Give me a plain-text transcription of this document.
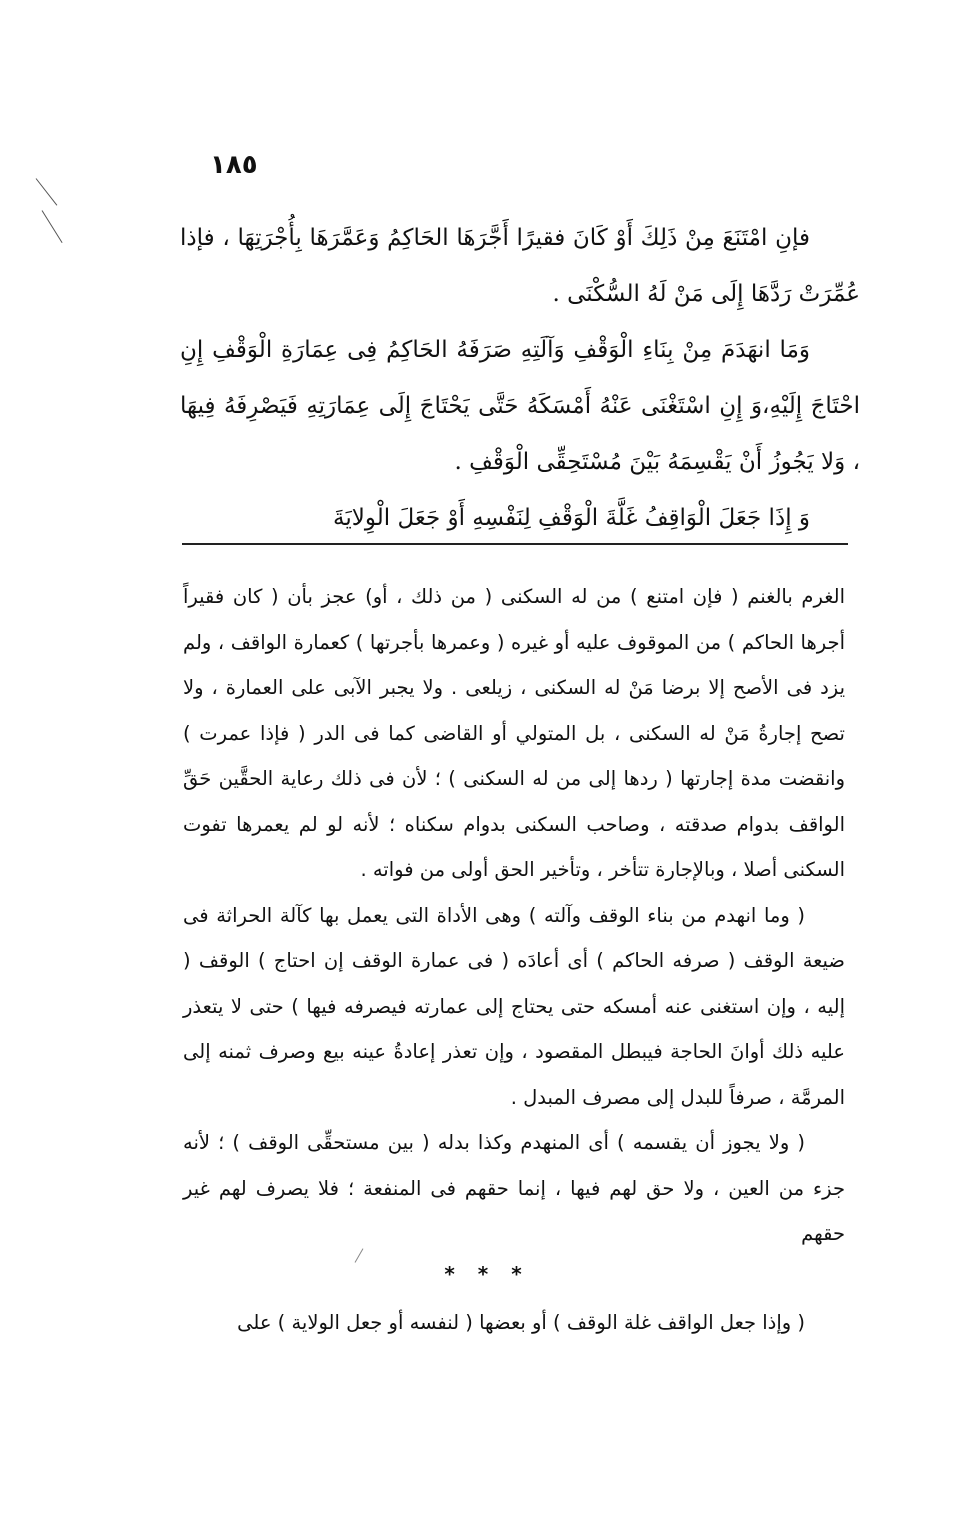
١٨٥

فإنِ امْتَنَعَ مِنْ ذَلِكَ أَوْ كَانَ فقيرًا أَجَّرَهَا الحَاكِمُ وَعَمَّرَهَا بِأُجْرَتِهَا ، فإذا عُمِّرَتْ رَدَّهَا إِلَى مَنْ لَهُ السُّكْنَى .

وَمَا انهَدَمَ مِنْ بِنَاءِ الْوَقْفِ وَآلَتِهِ صَرَفَهُ الحَاكِمُ فِى عِمَارَةِ الْوَقْفِ إِنِ احْتَاجَ إِلَيْهِ،وَ إِنِ اسْتَغْنَى عَنْهُ أَمْسَكَهُ حَتَّى يَحْتَاجَ إِلَى عِمَارَتِهِ فَيَصْرِفَهُ فِيهَا ، وَلا يَجُوزُ أَنْ يَقْسِمَهُ بَيْنَ مُسْتَحِقِّى الْوَقْفِ .

وَ إِذَا جَعَلَ الْوَاقِفُ غَلَّةَ الْوَقْفِ لِنَفْسِهِ أَوْ جَعَلَ الْوِلايَةَ

الغرم بالغنم ( فإن امتنع ) من له السكنى ( من ذلك ، أو) عجز بأن ( كان فقيراً أجرها الحاكم ) من الموقوف عليه أو غيره ( وعمرها بأجرتها ) كعمارة الواقف ، ولم يزد فى الأصح إلا برضا مَنْ له السكنى ، زيلعى . ولا يجبر الآبى على العمارة ، ولا تصح إجارةُ مَنْ له السكنى ، بل المتولي أو القاضى كما فى الدر ( فإذا عمرت ) وانقضت مدة إجارتها ( ردها إلى من له السكنى ) ؛ لأن فى ذلك رعاية الحقَّين حَقِّ الواقف بدوام صدقته ، وصاحب السكنى بدوام سكناه ؛ لأنه لو لم يعمرها تفوت السكنى أصلا ، وبالإجارة تتأخر ، وتأخير الحق أولى من فواته .

( وما انهدم من بناء الوقف وآلته ) وهى الأداة التى يعمل بها كآلة الحراثة فى ضيعة الوقف ( صرفه الحاكم ) أى أعادَه ( فى عمارة الوقف إن احتاج ) الوقف ( إليه ، وإن استغنى عنه أمسكه حتى يحتاج إلى عمارته فيصرفه فيها ) حتى لا يتعذر عليه ذلك أوانَ الحاجة فيبطل المقصود ، وإن تعذر إعادةُ عينه بيع وصرف ثمنه إلى المرمَّة ، صرفاً للبدل إلى مصرف المبدل .

( ولا يجوز أن يقسمه ) أى المنهدم وكذا بدله ( بين مستحقِّى الوقف ) ؛ لأنه جزء من العين ، ولا حق لهم فيها ، إنما حقهم فى المنفعة ؛ فلا يصرف لهم غير حقهم

* * *

( وإذا جعل الواقف غلة الوقف ) أو بعضها ( لنفسه أو جعل الولاية ) على
